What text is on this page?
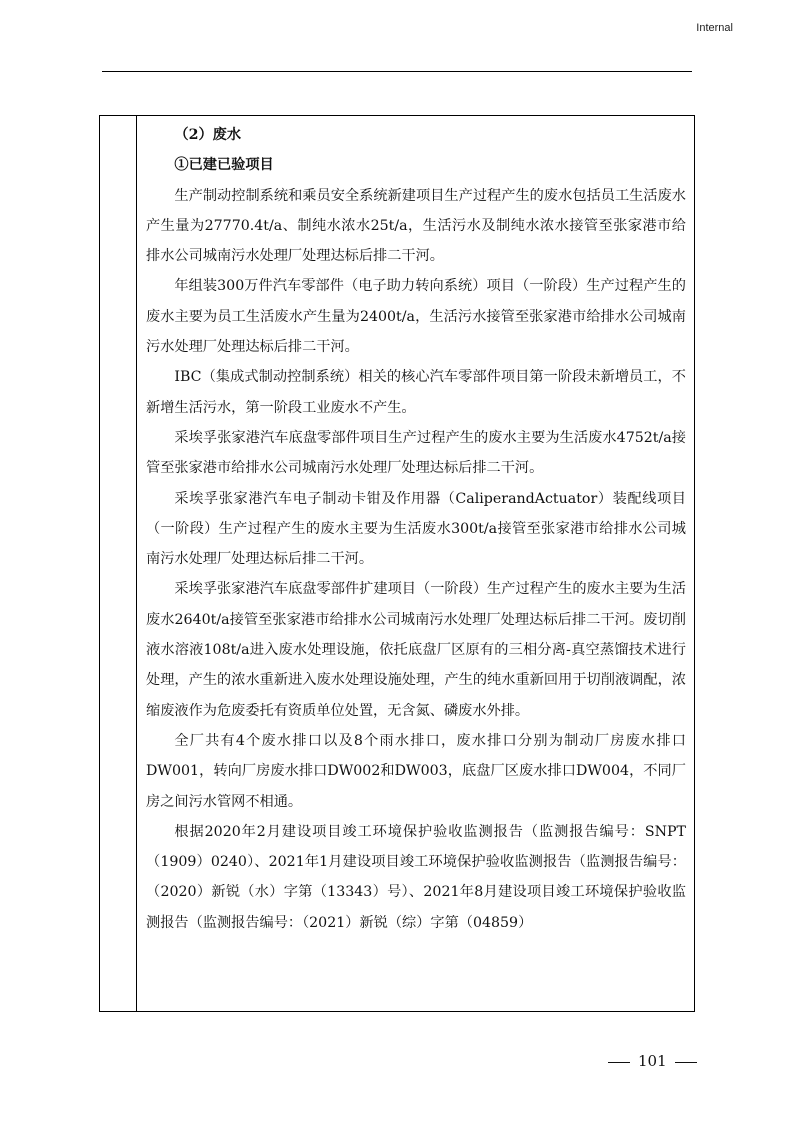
Internal
（2）废水
①已建已验项目

生产制动控制系统和乘员安全系统新建项目生产过程产生的废水包括员工生活废水产生量为27770.4t/a、制纯水浓水25t/a，生活污水及制纯水浓水接管至张家港市给排水公司城南污水处理厂处理达标后排二干河。

年组装300万件汽车零部件（电子助力转向系统）项目（一阶段）生产过程产生的废水主要为员工生活废水产生量为2400t/a，生活污水接管至张家港市给排水公司城南污水处理厂处理达标后排二干河。

IBC（集成式制动控制系统）相关的核心汽车零部件项目第一阶段未新增员工，不新增生活污水，第一阶段工业废水不产生。

采埃孚张家港汽车底盘零部件项目生产过程产生的废水主要为生活废水4752t/a接管至张家港市给排水公司城南污水处理厂处理达标后排二干河。

采埃孚张家港汽车电子制动卡钳及作用器（CaliperandActuator）装配线项目（一阶段）生产过程产生的废水主要为生活废水300t/a接管至张家港市给排水公司城南污水处理厂处理达标后排二干河。

采埃孚张家港汽车底盘零部件扩建项目（一阶段）生产过程产生的废水主要为生活废水2640t/a接管至张家港市给排水公司城南污水处理厂处理达标后排二干河。废切削液水溶液108t/a进入废水处理设施，依托底盘厂区原有的三相分离-真空蒸馏技术进行处理，产生的浓水重新进入废水处理设施处理，产生的纯水重新回用于切削液调配，浓缩废液作为危废委托有资质单位处置，无含氮、磷废水外排。

全厂共有4个废水排口以及8个雨水排口，废水排口分别为制动厂房废水排口DW001，转向厂房废水排口DW002和DW003，底盘厂区废水排口DW004，不同厂房之间污水管网不相通。

根据2020年2月建设项目竣工环境保护验收监测报告（监测报告编号：SNPT（1909）0240）、2021年1月建设项目竣工环境保护验收监测报告（监测报告编号：（2020）新锐（水）字第（13343）号）、2021年8月建设项目竣工环境保护验收监测报告（监测报告编号：（2021）新锐（综）字第（04859）

101
